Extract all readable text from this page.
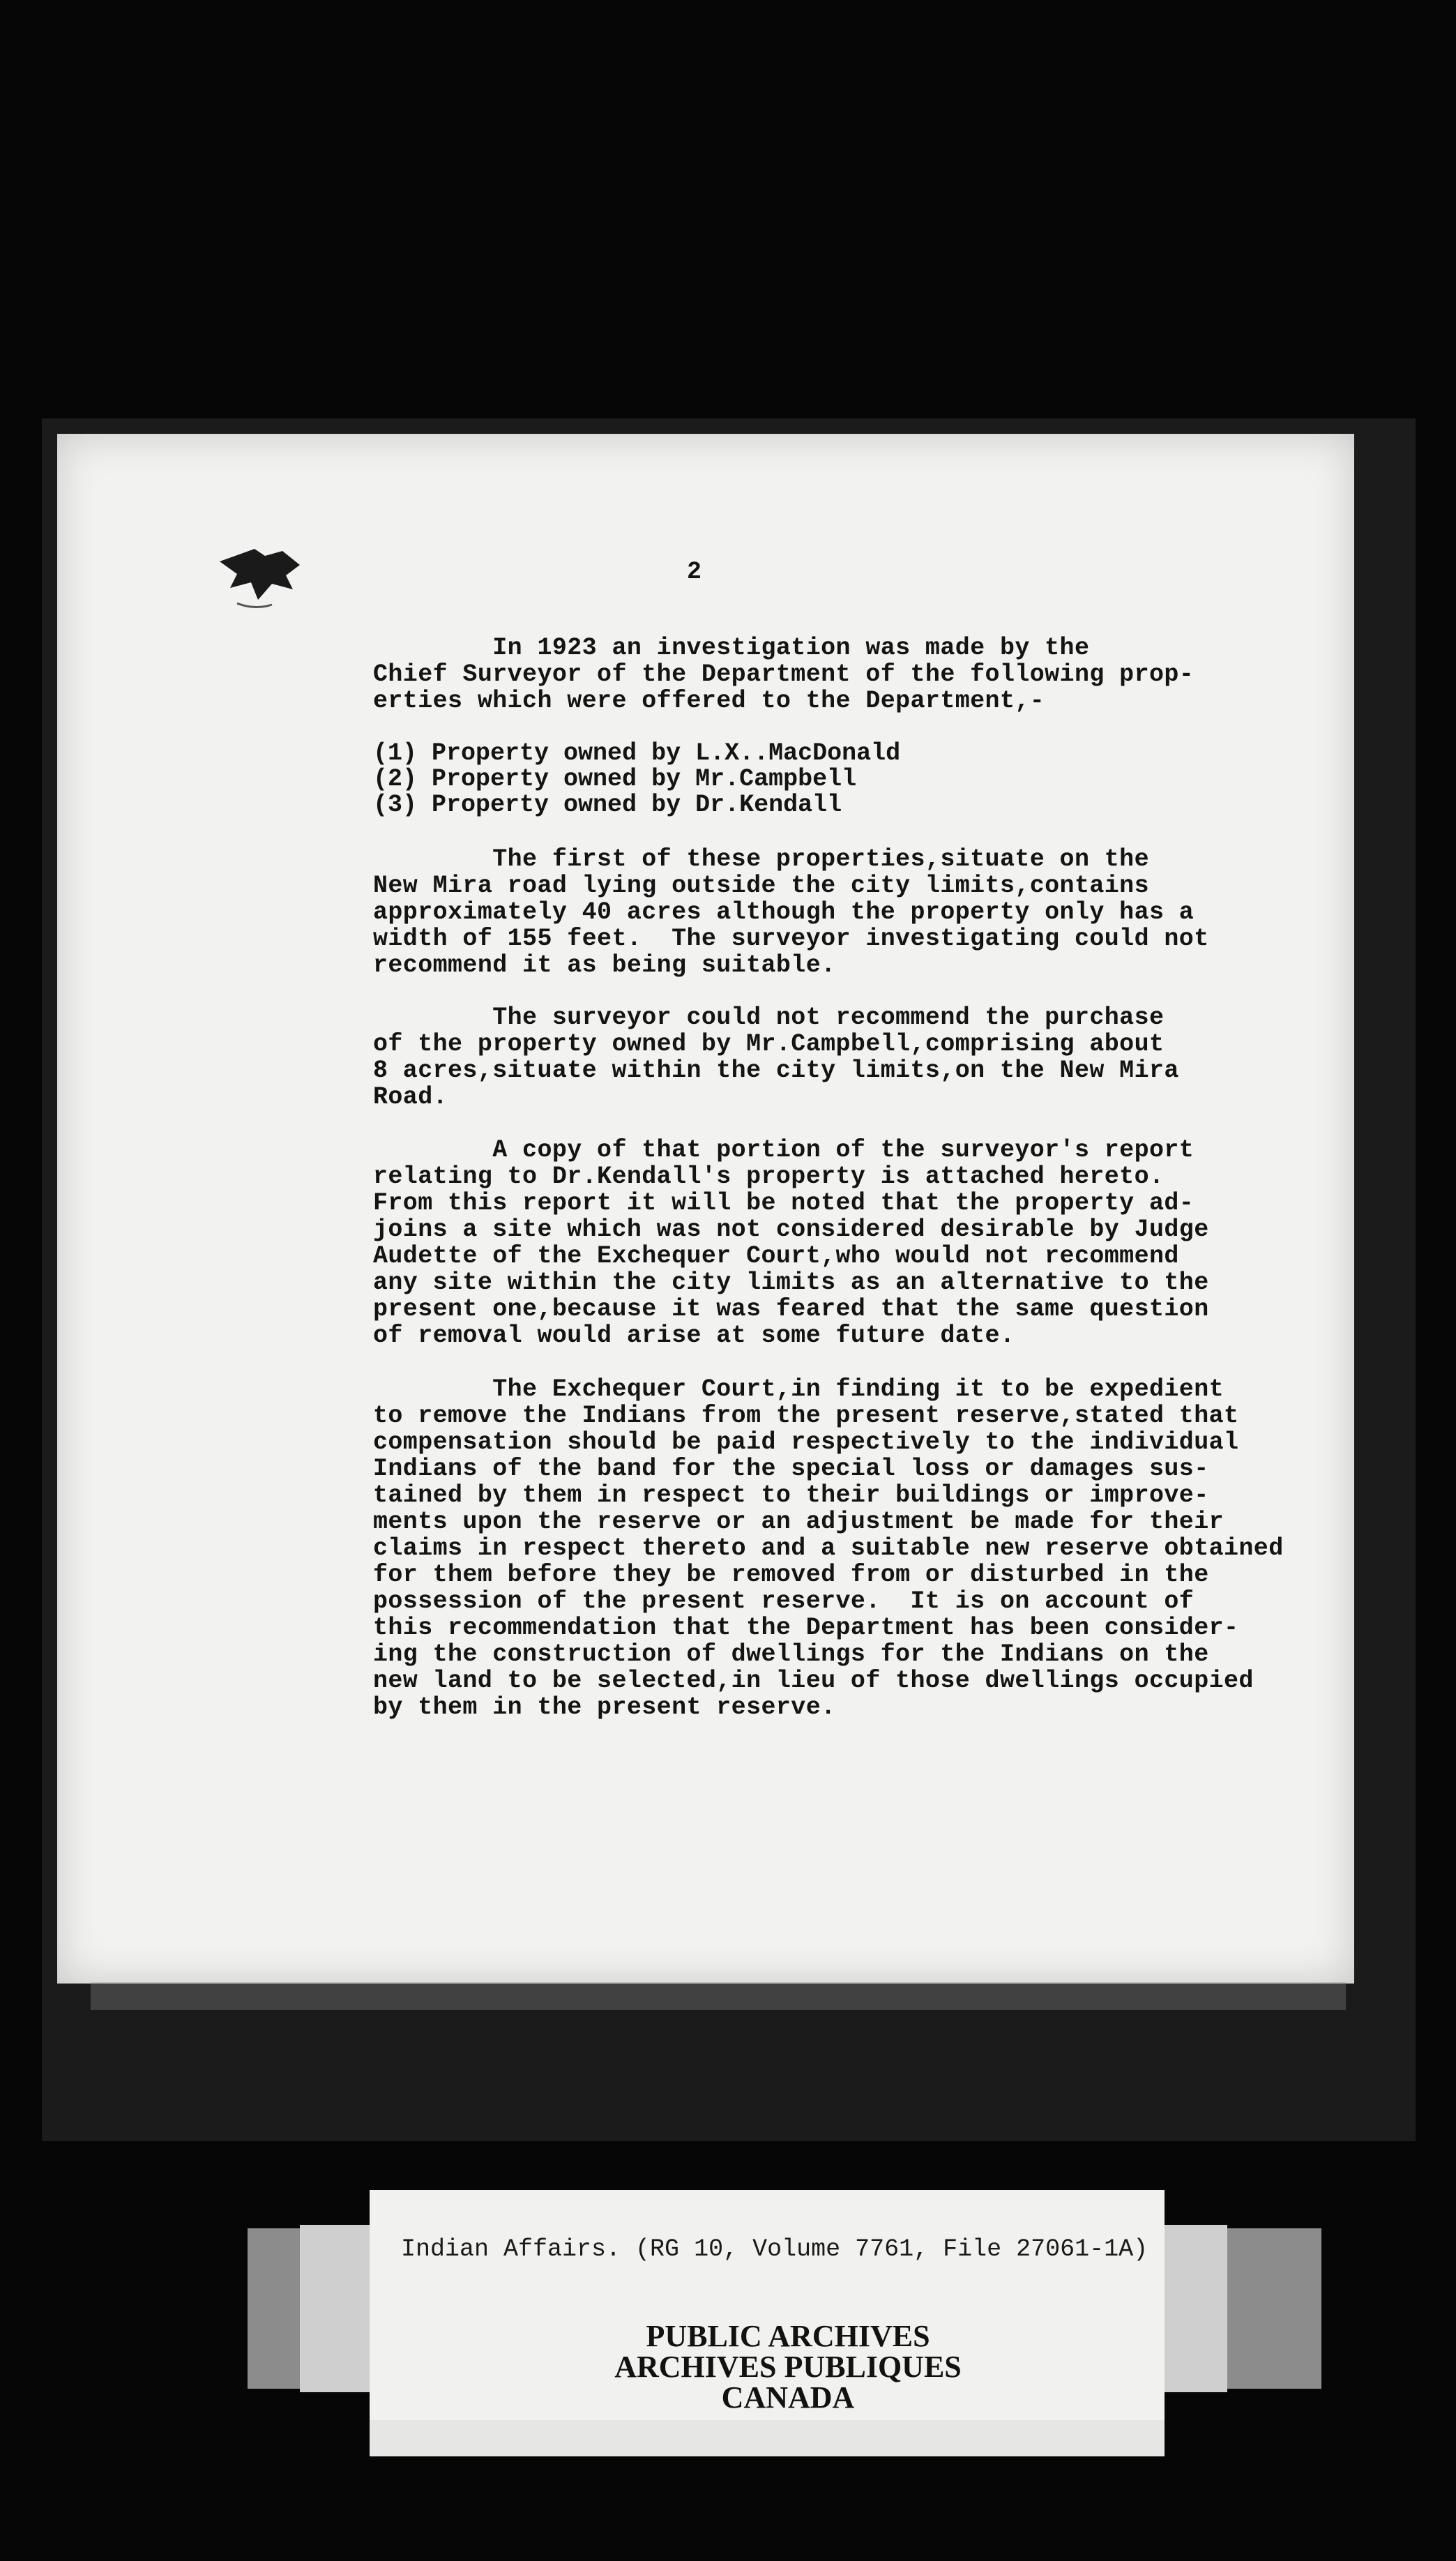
2

In 1923 an investigation was made by the

Chief Surveyor of the Department of the following prop-

erties which were offered to the Department,-

(1) Property owned by L.X..MacDonald

(2) Property owned by Mr.Campbell

(3) Property owned by Dr.Kendall

The first of these properties,situate on the

New Mira road lying outside the city limits,contains

approximately 40 acres although the property only has a

width of 155 feet.  The surveyor investigating could not

recommend it as being suitable.

The surveyor could not recommend the purchase

of the property owned by Mr.Campbell,comprising about

8 acres,situate within the city limits,on the New Mira

Road.

A copy of that portion of the surveyor's report

relating to Dr.Kendall's property is attached hereto.

From this report it will be noted that the property ad-

joins a site which was not considered desirable by Judge

Audette of the Exchequer Court,who would not recommend

any site within the city limits as an alternative to the

present one,because it was feared that the same question

of removal would arise at some future date.

The Exchequer Court,in finding it to be expedient

to remove the Indians from the present reserve,stated that

compensation should be paid respectively to the individual

Indians of the band for the special loss or damages sus-

tained by them in respect to their buildings or improve-

ments upon the reserve or an adjustment be made for their

claims in respect thereto and a suitable new reserve obtained

for them before they be removed from or disturbed in the

possession of the present reserve.  It is on account of

this recommendation that the Department has been consider-

ing the construction of dwellings for the Indians on the

new land to be selected,in lieu of those dwellings occupied

by them in the present reserve.

Indian Affairs. (RG 10, Volume 7761, File 27061-1A)
PUBLIC ARCHIVES
ARCHIVES PUBLIQUES
CANADA
